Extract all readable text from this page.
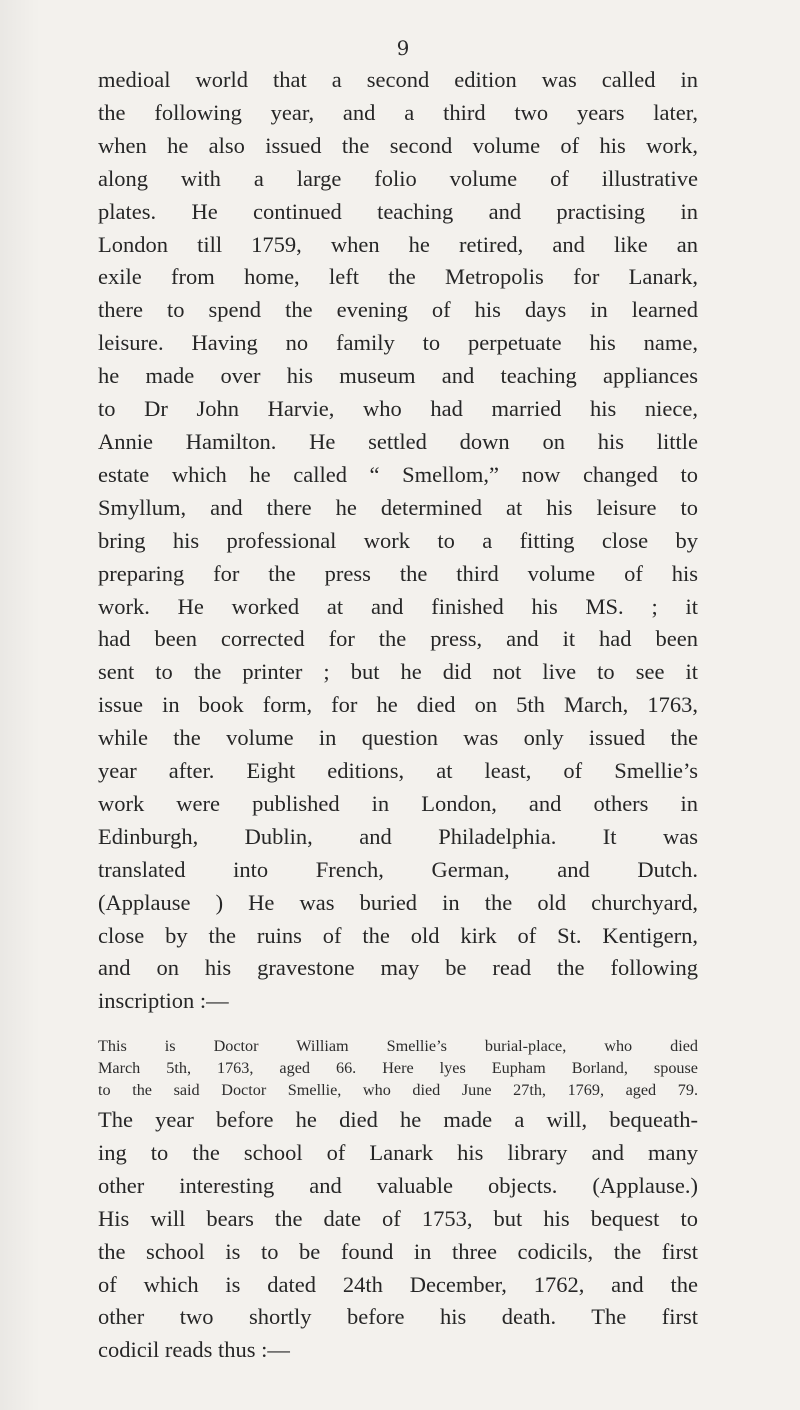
9
medioal world that a second edition was called in
the following year, and a third two years later,
when he also issued the second volume of his work,
along with a large folio volume of illustrative
plates. He continued teaching and practising in
London till 1759, when he retired, and like an
exile from home, left the Metropolis for Lanark,
there to spend the evening of his days in learned
leisure. Having no family to perpetuate his name,
he made over his museum and teaching appliances
to Dr John Harvie, who had married his niece,
Annie Hamilton. He settled down on his little
estate which he called “ Smellom,” now changed to
Smyllum, and there he determined at his leisure to
bring his professional work to a fitting close by
preparing for the press the third volume of his
work. He worked at and finished his MS. ; it
had been corrected for the press, and it had been
sent to the printer ; but he did not live to see it
issue in book form, for he died on 5th March, 1763,
while the volume in question was only issued the
year after. Eight editions, at least, of Smellie’s
work were published in London, and others in
Edinburgh, Dublin, and Philadelphia. It was
translated into French, German, and Dutch.
(Applause ) He was buried in the old churchyard,
close by the ruins of the old kirk of St. Kentigern,
and on his gravestone may be read the following
inscription :—
This is Doctor William Smellie’s burial-place, who died
March 5th, 1763, aged 66. Here lyes Eupham Borland, spouse
to the said Doctor Smellie, who died June 27th, 1769, aged 79.
The year before he died he made a will, bequeath-
ing to the school of Lanark his library and many
other interesting and valuable objects. (Applause.)
His will bears the date of 1753, but his bequest to
the school is to be found in three codicils, the first
of which is dated 24th December, 1762, and the
other two shortly before his death. The first
codicil reads thus :—
